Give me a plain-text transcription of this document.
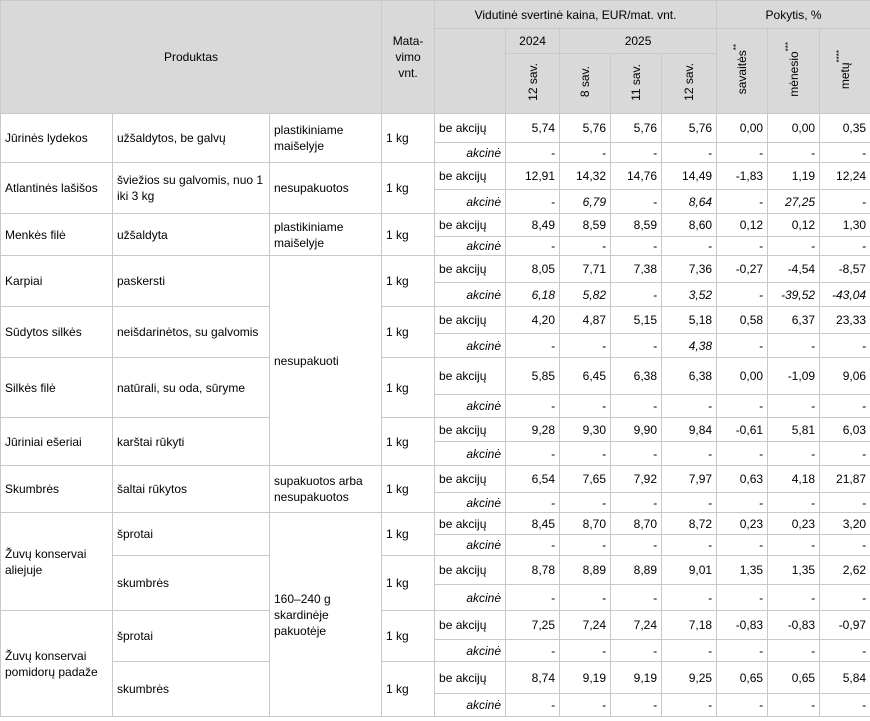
Produktas			Mata-
vimo
vnt.	Vidutinė svertinė kaina, EUR/mat. vnt.					Pokytis, %		
					2024	2025			savaitės**	mėnesio***	metų****
					12 sav.	8 sav.	11 sav.	12 sav.			
Jūrinės lydekos	užšaldytos, be galvų	plastikiniame maišelyje	1 kg	be akcijų	5,74	5,76	5,76	5,76	0,00	0,00	0,35
				akcinė	-	-	-	-	-	-	-
Atlantinės lašišos	šviežios su galvomis, nuo 1 iki 3 kg	nesupakuotos	1 kg	be akcijų	12,91	14,32	14,76	14,49	-1,83	1,19	12,24
				akcinė	-	6,79	-	8,64	-	27,25	-
Menkės filė	užšaldyta	plastikiniame maišelyje	1 kg	be akcijų	8,49	8,59	8,59	8,60	0,12	0,12	1,30
				akcinė	-	-	-	-	-	-	-
Karpiai	paskersti	nesupakuoti	1 kg	be akcijų	8,05	7,71	7,38	7,36	-0,27	-4,54	-8,57
				akcinė	6,18	5,82	-	3,52	-	-39,52	-43,04
Sūdytos silkės	neišdarinėtos, su galvomis		1 kg	be akcijų	4,20	4,87	5,15	5,18	0,58	6,37	23,33
				akcinė	-	-	-	4,38	-	-	-
Silkės filė	natūrali, su oda, sūryme		1 kg	be akcijų	5,85	6,45	6,38	6,38	0,00	-1,09	9,06
				akcinė	-	-	-	-	-	-	-
Jūriniai ešeriai	karštai rūkyti		1 kg	be akcijų	9,28	9,30	9,90	9,84	-0,61	5,81	6,03
				akcinė	-	-	-	-	-	-	-
Skumbrės	šaltai rūkytos	supakuotos arba nesupakuotos	1 kg	be akcijų	6,54	7,65	7,92	7,97	0,63	4,18	21,87
				akcinė	-	-	-	-	-	-	-
Žuvų konservai aliejuje	šprotai	160–240 g skardinėje pakuotėje	1 kg	be akcijų	8,45	8,70	8,70	8,72	0,23	0,23	3,20
				akcinė	-	-	-	-	-	-	-
	skumbrės		1 kg	be akcijų	8,78	8,89	8,89	9,01	1,35	1,35	2,62
				akcinė	-	-	-	-	-	-	-
Žuvų konservai pomidorų padaže	šprotai		1 kg	be akcijų	7,25	7,24	7,24	7,18	-0,83	-0,83	-0,97
				akcinė	-	-	-	-	-	-	-
	skumbrės		1 kg	be akcijų	8,74	9,19	9,19	9,25	0,65	0,65	5,84
				akcinė	-	-	-	-	-	-	-
